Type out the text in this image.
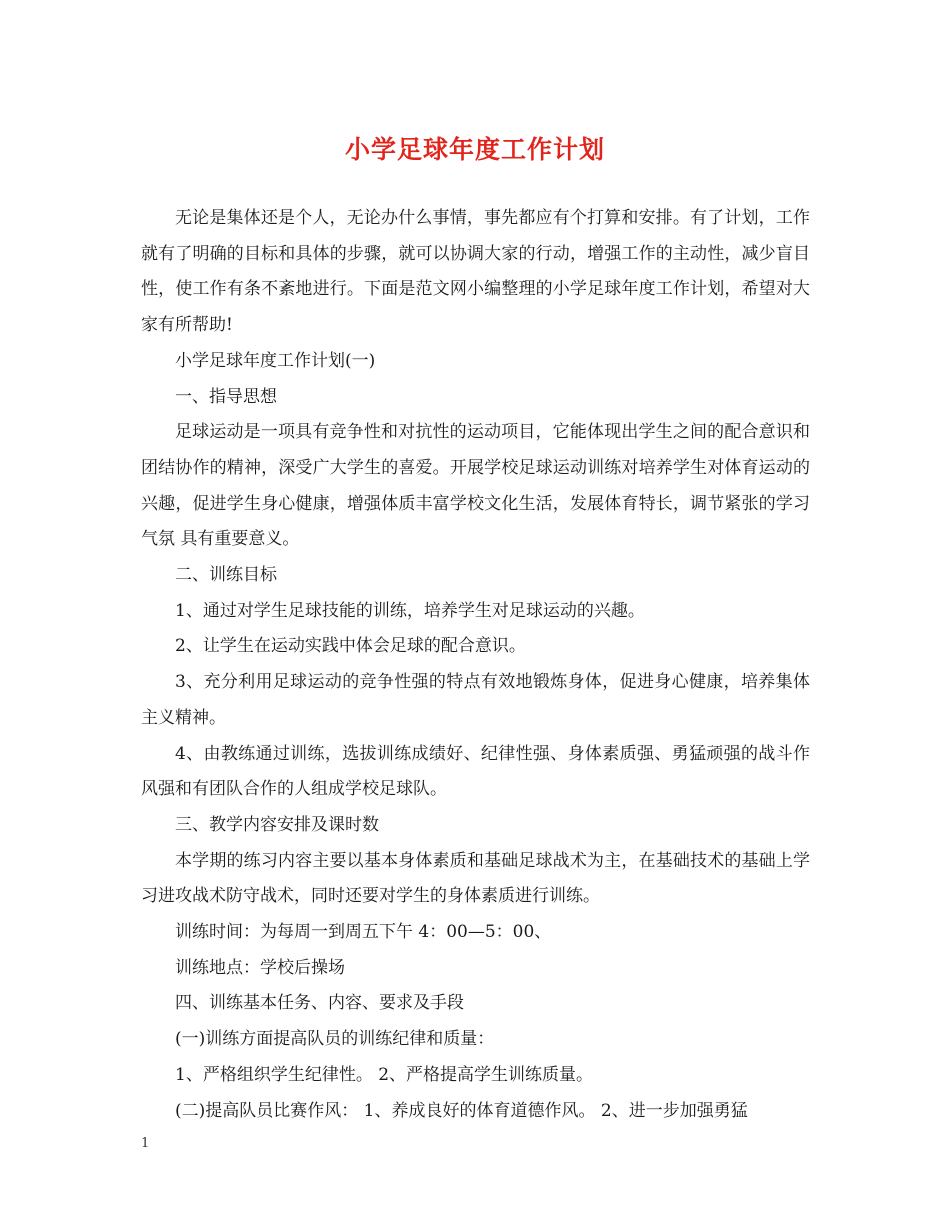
小学足球年度工作计划

无论是集体还是个人，无论办什么事情，事先都应有个打算和安排。有了计划，工作就有了明确的目标和具体的步骤，就可以协调大家的行动，增强工作的主动性，减少盲目性，使工作有条不紊地进行。下面是范文网小编整理的小学足球年度工作计划，希望对大家有所帮助!

小学足球年度工作计划(一)

一、指导思想

足球运动是一项具有竞争性和对抗性的运动项目，它能体现出学生之间的配合意识和团结协作的精神，深受广大学生的喜爱。开展学校足球运动训练对培养学生对体育运动的兴趣，促进学生身心健康，增强体质丰富学校文化生活，发展体育特长，调节紧张的学习气氛 具有重要意义。

二、训练目标

1、通过对学生足球技能的训练，培养学生对足球运动的兴趣。

2、让学生在运动实践中体会足球的配合意识。

3、充分利用足球运动的竞争性强的特点有效地锻炼身体，促进身心健康，培养集体 主义精神。

4、由教练通过训练，选拔训练成绩好、纪律性强、身体素质强、勇猛顽强的战斗作风强和有团队合作的人组成学校足球队。

三、教学内容安排及课时数

本学期的练习内容主要以基本身体素质和基础足球战术为主，在基础技术的基础上学习进攻战术防守战术，同时还要对学生的身体素质进行训练。

训练时间：为每周一到周五下午 4：00—5：00、

训练地点：学校后操场

四、训练基本任务、内容、要求及手段

(一)训练方面提高队员的训练纪律和质量：

1、严格组织学生纪律性。 2、严格提高学生训练质量。

(二)提高队员比赛作风： 1、养成良好的体育道德作风。 2、进一步加强勇猛

1
